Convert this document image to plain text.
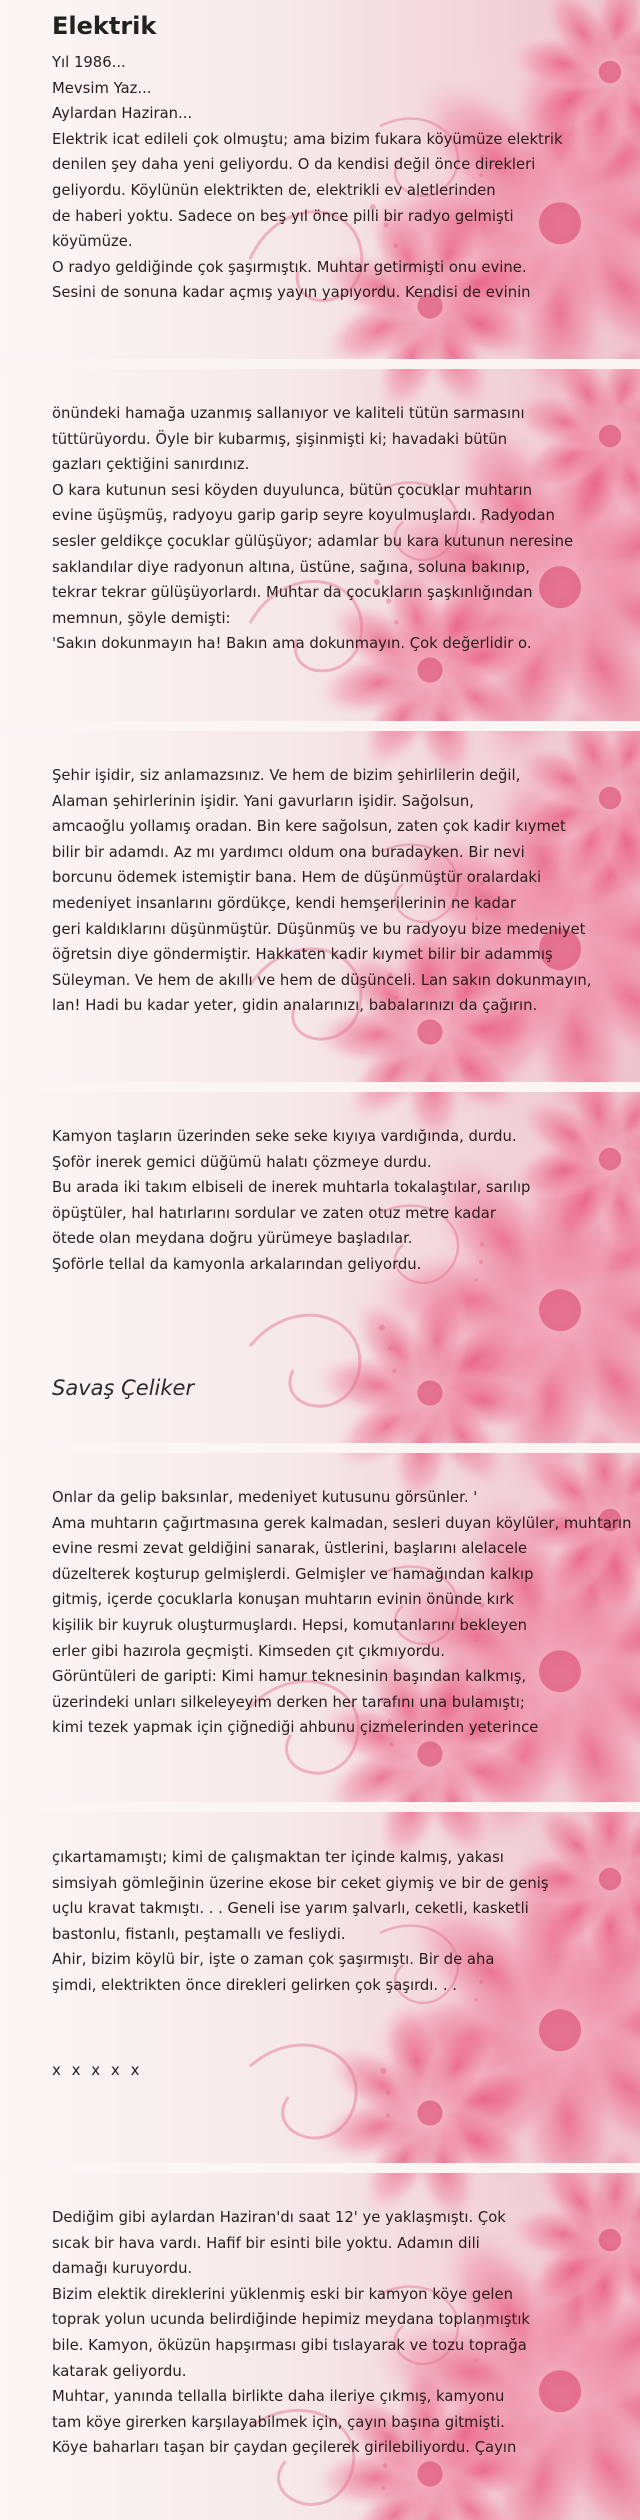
Elektrik
Yıl 1986...
Mevsim Yaz...
Aylardan Haziran...
Elektrik icat edileli çok olmuştu; ama bizim fukara köyümüze elektrik
denilen şey daha yeni geliyordu. O da kendisi değil önce direkleri
geliyordu. Köylünün elektrikten de, elektrikli ev aletlerinden
de haberi yoktu. Sadece on beş yıl önce pilli bir radyo gelmişti
köyümüze.
O radyo geldiğinde çok şaşırmıştık. Muhtar getirmişti onu evine.
Sesini de sonuna kadar açmış yayın yapıyordu. Kendisi de evinin
önündeki hamağa uzanmış sallanıyor ve kaliteli tütün sarmasını
tüttürüyordu. Öyle bir kubarmış, şişinmişti ki; havadaki bütün
gazları çektiğini sanırdınız.
O kara kutunun sesi köyden duyulunca, bütün çocuklar muhtarın
evine üşüşmüş, radyoyu garip garip seyre koyulmuşlardı. Radyodan
sesler geldikçe çocuklar gülüşüyor; adamlar bu kara kutunun neresine
saklandılar diye radyonun altına, üstüne, sağına, soluna bakınıp,
tekrar tekrar gülüşüyorlardı. Muhtar da çocukların şaşkınlığından
memnun, şöyle demişti:
'Sakın dokunmayın ha! Bakın ama dokunmayın. Çok değerlidir o.
Şehir işidir, siz anlamazsınız. Ve hem de bizim şehirlilerin değil,
Alaman şehirlerinin işidir. Yani gavurların işidir. Sağolsun,
amcaoğlu yollamış oradan. Bin kere sağolsun, zaten çok kadir kıymet
bilir bir adamdı. Az mı yardımcı oldum ona buradayken. Bir nevi
borcunu ödemek istemiştir bana. Hem de düşünmüştür oralardaki
medeniyet insanlarını gördükçe, kendi hemşerilerinin ne kadar
geri kaldıklarını düşünmüştür. Düşünmüş ve bu radyoyu bize medeniyet
öğretsin diye göndermiştir. Hakkaten kadir kıymet bilir bir adammış
Süleyman. Ve hem de akıllı ve hem de düşünceli. Lan sakın dokunmayın,
lan! Hadi bu kadar yeter, gidin analarınızı, babalarınızı da çağırın.
Kamyon taşların üzerinden seke seke kıyıya vardığında, durdu.
Şoför inerek gemici düğümü halatı çözmeye durdu.
Bu arada iki takım elbiseli de inerek muhtarla tokalaştılar, sarılıp
öpüştüler, hal hatırlarını sordular ve zaten otuz metre kadar
ötede olan meydana doğru yürümeye başladılar.
Şoförle tellal da kamyonla arkalarından geliyordu.
Savaş Çeliker
Onlar da gelip baksınlar, medeniyet kutusunu görsünler. '
Ama muhtarın çağırtmasına gerek kalmadan, sesleri duyan köylüler, muhtarın
evine resmi zevat geldiğini sanarak, üstlerini, başlarını alelacele
düzelterek koşturup gelmişlerdi. Gelmişler ve hamağından kalkıp
gitmiş, içerde çocuklarla konuşan muhtarın evinin önünde kırk
kişilik bir kuyruk oluşturmuşlardı. Hepsi, komutanlarını bekleyen
erler gibi hazırola geçmişti. Kimseden çıt çıkmıyordu.
Görüntüleri de garipti: Kimi hamur teknesinin başından kalkmış,
üzerindeki unları silkeleyeyim derken her tarafını una bulamıştı;
kimi tezek yapmak için çiğnediği ahbunu çizmelerinden yeterince
çıkartamamıştı; kimi de çalışmaktan ter içinde kalmış, yakası
simsiyah gömleğinin üzerine ekose bir ceket giymiş ve bir de geniş
uçlu kravat takmıştı. . . Geneli ise yarım şalvarlı, ceketli, kasketli
bastonlu, fistanlı, peştamallı ve fesliydi.
Ahir, bizim köylü bir, işte o zaman çok şaşırmıştı. Bir de aha
şimdi, elektrikten önce direkleri gelirken çok şaşırdı. . .
x x x x x
Dediğim gibi aylardan Haziran'dı saat 12' ye yaklaşmıştı. Çok
sıcak bir hava vardı. Hafif bir esinti bile yoktu. Adamın dili
damağı kuruyordu.
Bizim elektik direklerini yüklenmiş eski bir kamyon köye gelen
toprak yolun ucunda belirdiğinde hepimiz meydana toplanmıştık
bile. Kamyon, öküzün hapşırması gibi tıslayarak ve tozu toprağa
katarak geliyordu.
Muhtar, yanında tellalla birlikte daha ileriye çıkmış, kamyonu
tam köye girerken karşılayabilmek için, çayın başına gitmişti.
Köye baharları taşan bir çaydan geçilerek girilebiliyordu. Çayın
